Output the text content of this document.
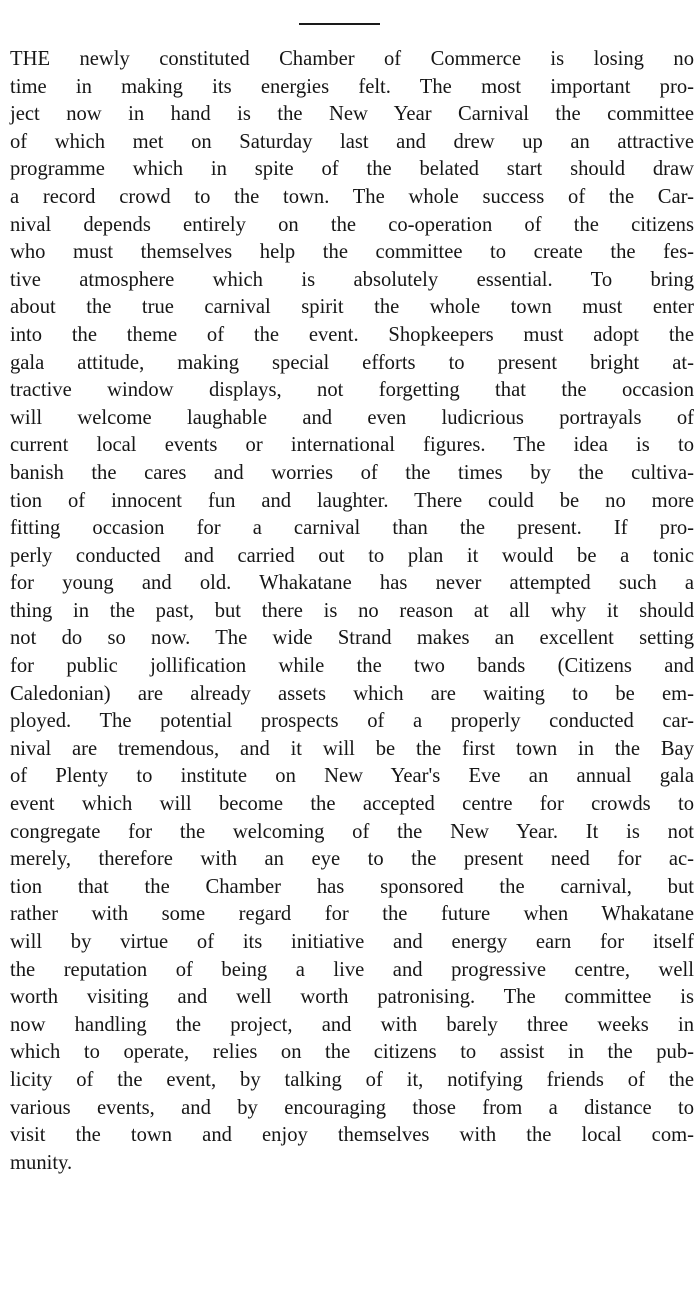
THE newly constituted Chamber of Commerce is losing no
time in making its energies felt. The most important pro-
ject now in hand is the New Year Carnival the committee
of which met on Saturday last and drew up an attractive
programme which in spite of the belated start should draw
a record crowd to the town. The whole success of the Car-
nival depends entirely on the co-operation of the citizens
who must themselves help the committee to create the fes-
tive atmosphere which is absolutely essential. To bring
about the true carnival spirit the whole town must enter
into the theme of the event. Shopkeepers must adopt the
gala attitude, making special efforts to present bright at-
tractive window displays, not forgetting that the occasion
will welcome laughable and even ludicrious portrayals of
current local events or international figures. The idea is to
banish the cares and worries of the times by the cultiva-
tion of innocent fun and laughter. There could be no more
fitting occasion for a carnival than the present. If pro-
perly conducted and carried out to plan it would be a tonic
for young and old. Whakatane has never attempted such a
thing in the past, but there is no reason at all why it should
not do so now. The wide Strand makes an excellent setting
for public jollification while the two bands (Citizens and
Caledonian) are already assets which are waiting to be em-
ployed. The potential prospects of a properly conducted car-
nival are tremendous, and it will be the first town in the Bay
of Plenty to institute on New Year's Eve an annual gala
event which will become the accepted centre for crowds to
congregate for the welcoming of the New Year. It is not
merely, therefore with an eye to the present need for ac-
tion that the Chamber has sponsored the carnival, but
rather with some regard for the future when Whakatane
will by virtue of its initiative and energy earn for itself
the reputation of being a live and progressive centre, well
worth visiting and well worth patronising. The committee is
now handling the project, and with barely three weeks in
which to operate, relies on the citizens to assist in the pub-
licity of the event, by talking of it, notifying friends of the
various events, and by encouraging those from a distance to
visit the town and enjoy themselves with the local com-
munity.
